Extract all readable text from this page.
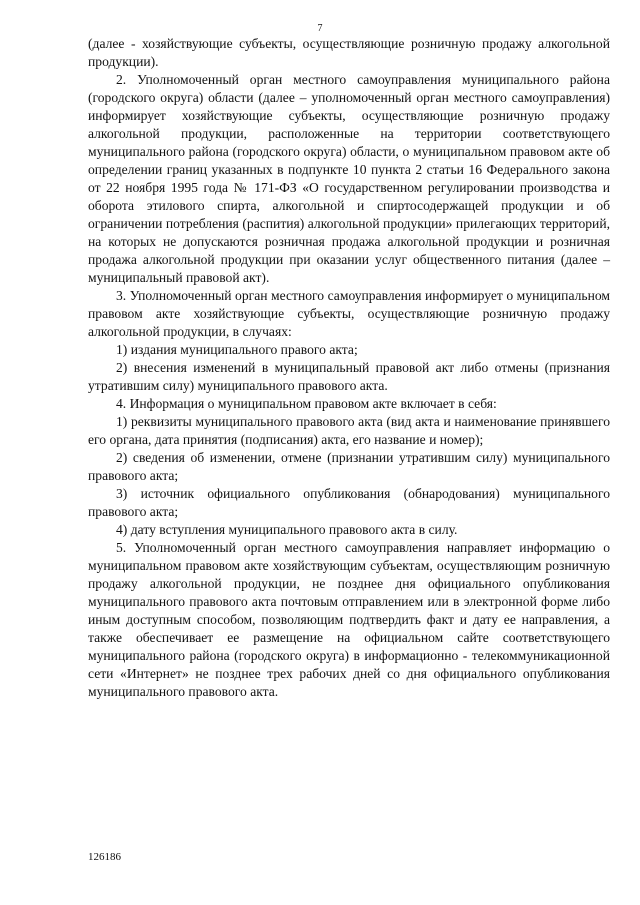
7

(далее - хозяйствующие субъекты, осуществляющие розничную продажу алкогольной продукции).

2. Уполномоченный орган местного самоуправления муниципального района (городского округа) области (далее – уполномоченный орган местного самоуправления) информирует хозяйствующие субъекты, осуществляющие розничную продажу алкогольной продукции, расположенные на территории соответствующего муниципального района (городского округа) области, о муниципальном правовом акте об определении границ указанных в подпункте 10 пункта 2 статьи 16 Федерального закона от 22 ноября 1995 года № 171-ФЗ «О государственном регулировании производства и оборота этилового спирта, алкогольной и спиртосодержащей продукции и об ограничении потребления (распития) алкогольной продукции» прилегающих территорий, на которых не допускаются розничная продажа алкогольной продукции и розничная продажа алкогольной продукции при оказании услуг общественного питания (далее – муниципальный правовой акт).

3. Уполномоченный орган местного самоуправления информирует о муниципальном правовом акте хозяйствующие субъекты, осуществляющие розничную продажу алкогольной продукции, в случаях:

1) издания муниципального правого акта;

2) внесения изменений в муниципальный правовой акт либо отмены (признания утратившим силу) муниципального правового акта.

4. Информация о муниципальном правовом акте включает в себя:

1) реквизиты муниципального правового акта (вид акта и наименование принявшего его органа, дата принятия (подписания) акта, его название и номер);

2) сведения об изменении, отмене (признании утратившим силу) муниципального правового акта;

3) источник официального опубликования (обнародования) муниципального правового акта;

4) дату вступления муниципального правового акта в силу.

5. Уполномоченный орган местного самоуправления направляет информацию о муниципальном правовом акте хозяйствующим субъектам, осуществляющим розничную продажу алкогольной продукции, не позднее дня официального опубликования муниципального правового акта почтовым отправлением или в электронной форме либо иным доступным способом, позволяющим подтвердить факт и дату ее направления, а также обеспечивает ее размещение на официальном сайте соответствующего муниципального района (городского округа) в информационно - телекоммуникационной сети «Интернет» не позднее трех рабочих дней со дня официального опубликования муниципального правового акта.

126186
